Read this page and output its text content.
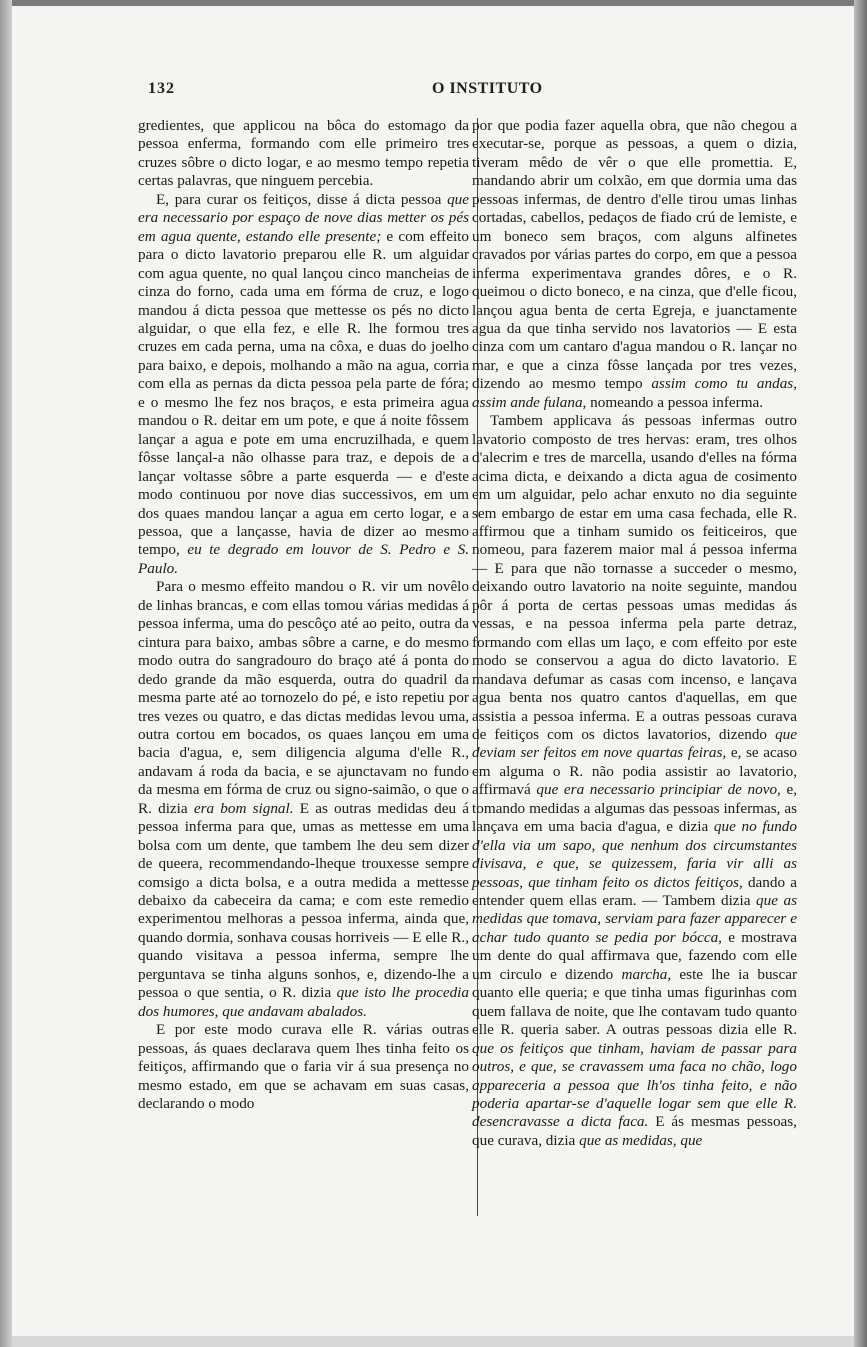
132	O INSTITUTO

gredientes, que applicou na bôca do estomago da pessoa enferma, formando com elle primeiro tres cruzes sôbre o dicto logar, e ao mesmo tempo repetia certas palavras, que ninguem percebia.

E, para curar os feitiços, disse á dicta pessoa que era necessario por espaço de nove dias metter os pés em agua quente, estando elle presente; e com effeito para o dicto lavatorio preparou elle R. um alguidar com agua quente, no qual lançou cinco mancheias de cinza do forno, cada uma em fórma de cruz, e logo mandou á dicta pessoa que mettesse os pés no dicto alguidar, o que ella fez, e elle R. lhe formou tres cruzes em cada perna, uma na côxa, e duas do joelho para baixo, e depois, molhando a mão na agua, corria com ella as pernas da dicta pessoa pela parte de fóra; e o mesmo lhe fez nos braços, e esta primeira agua mandou o R. deitar em um pote, e que á noite fôssem lançar a agua e pote em uma encruzilhada, e quem fôsse lançal-a não olhasse para traz, e depois de a lançar voltasse sôbre a parte esquerda — e d'este modo continuou por nove dias successivos, em um dos quaes mandou lançar a agua em certo logar, e a pessoa, que a lançasse, havia de dizer ao mesmo tempo, eu te degrado em louvor de S. Pedro e S. Paulo.

Para o mesmo effeito mandou o R. vir um novêlo de linhas brancas, e com ellas tomou várias medidas á pessoa inferma, uma do pescôço até ao peito, outra da cintura para baixo, ambas sôbre a carne, e do mesmo modo outra do sangradouro do braço até á ponta do dedo grande da mão esquerda, outra do quadril da mesma parte até ao tornozelo do pé, e isto repetiu por tres vezes ou quatro, e das dictas medidas levou uma, outra cortou em bocados, os quaes lançou em uma bacia d'agua, e, sem diligencia alguma d'elle R., andavam á roda da bacia, e se ajunctavam no fundo da mesma em fórma de cruz ou signo-saimão, o que o R. dizia era bom signal. E as outras medidas deu á pessoa inferma para que, umas as mettesse em uma bolsa com um dente, que tambem lhe deu sem dizer de queera, recommendando-lheque trouxesse sempre comsigo a dicta bolsa, e a outra medida a mettesse debaixo da cabeceira da cama; e com este remedio experimentou melhoras a pessoa inferma, ainda que, quando dormia, sonhava cousas horriveis — E elle R., quando visitava a pessoa inferma, sempre lhe perguntava se tinha alguns sonhos, e, dizendo-lhe a pessoa o que sentia, o R. dizia que isto lhe procedia dos humores, que andavam abalados.

E por este modo curava elle R. várias outras pessoas, ás quaes declarava quem lhes tinha feito os feitiços, affirmando que o faria vir á sua presença no mesmo estado, em que se achavam em suas casas, declarando o modo

por que podia fazer aquella obra, que não chegou a executar-se, porque as pessoas, a quem o dizia, tiveram mêdo de vêr o que elle promettia. E, mandando abrir um colxão, em que dormia uma das pessoas infermas, de dentro d'elle tirou umas linhas cortadas, cabellos, pedaços de fiado crú de lemiste, e um boneco sem braços, com alguns alfinetes cravados por várias partes do corpo, em que a pessoa inferma experimentava grandes dôres, e o R. queimou o dicto boneco, e na cinza, que d'elle ficou, lançou agua benta de certa Egreja, e juanctamente agua da que tinha servido nos lavatorios — E esta cinza com um cantaro d'agua mandou o R. lançar no mar, e que a cinza fôsse lançada por tres vezes, dizendo ao mesmo tempo assim como tu andas, assim ande fulana, nomeando a pessoa inferma.

Tambem applicava ás pessoas infermas outro lavatorio composto de tres hervas: eram, tres olhos d'alecrim e tres de marcella, usando d'elles na fórma acima dicta, e deixando a dicta agua de cosimento em um alguidar, pelo achar enxuto no dia seguinte sem embargo de estar em uma casa fechada, elle R. affirmou que a tinham sumido os feiticeiros, que nomeou, para fazerem maior mal á pessoa inferma — E para que não tornasse a succeder o mesmo, deixando outro lavatorio na noite seguinte, mandou pôr á porta de certas pessoas umas medidas ás vessas, e na pessoa inferma pela parte detraz, formando com ellas um laço, e com effeito por este modo se conservou a agua do dicto lavatorio. E mandava defumar as casas com incenso, e lançava agua benta nos quatro cantos d'aquellas, em que assistia a pessoa inferma. E a outras pessoas curava de feitiços com os dictos lavatorios, dizendo que deviam ser feitos em nove quartas feiras, e, se acaso em alguma o R. não podia assistir ao lavatorio, affirmavá que era necessario principiar de novo, e, tomando medidas a algumas das pessoas infermas, as lançava em uma bacia d'agua, e dizia que no fundo d'ella via um sapo, que nenhum dos circumstantes divisava, e que, se quizessem, faria vir alli as pessoas, que tinham feito os dictos feitiços, dando a entender quem ellas eram. — Tambem dizia que as medidas que tomava, serviam para fazer apparecer e achar tudo quanto se pedia por bócca, e mostrava um dente do qual affirmava que, fazendo com elle um circulo e dizendo marcha, este lhe ia buscar quanto elle queria; e que tinha umas figurinhas com quem fallava de noite, que lhe contavam tudo quanto elle R. queria saber. A outras pessoas dizia elle R. que os feitiços que tinham, haviam de passar para outros, e que, se cravassem uma faca no chão, logo appareceria a pessoa que lh'os tinha feito, e não poderia apartar-se d'aquelle logar sem que elle R. desencravasse a dicta faca. E ás mesmas pessoas, que curava, dizia que as medidas, que
